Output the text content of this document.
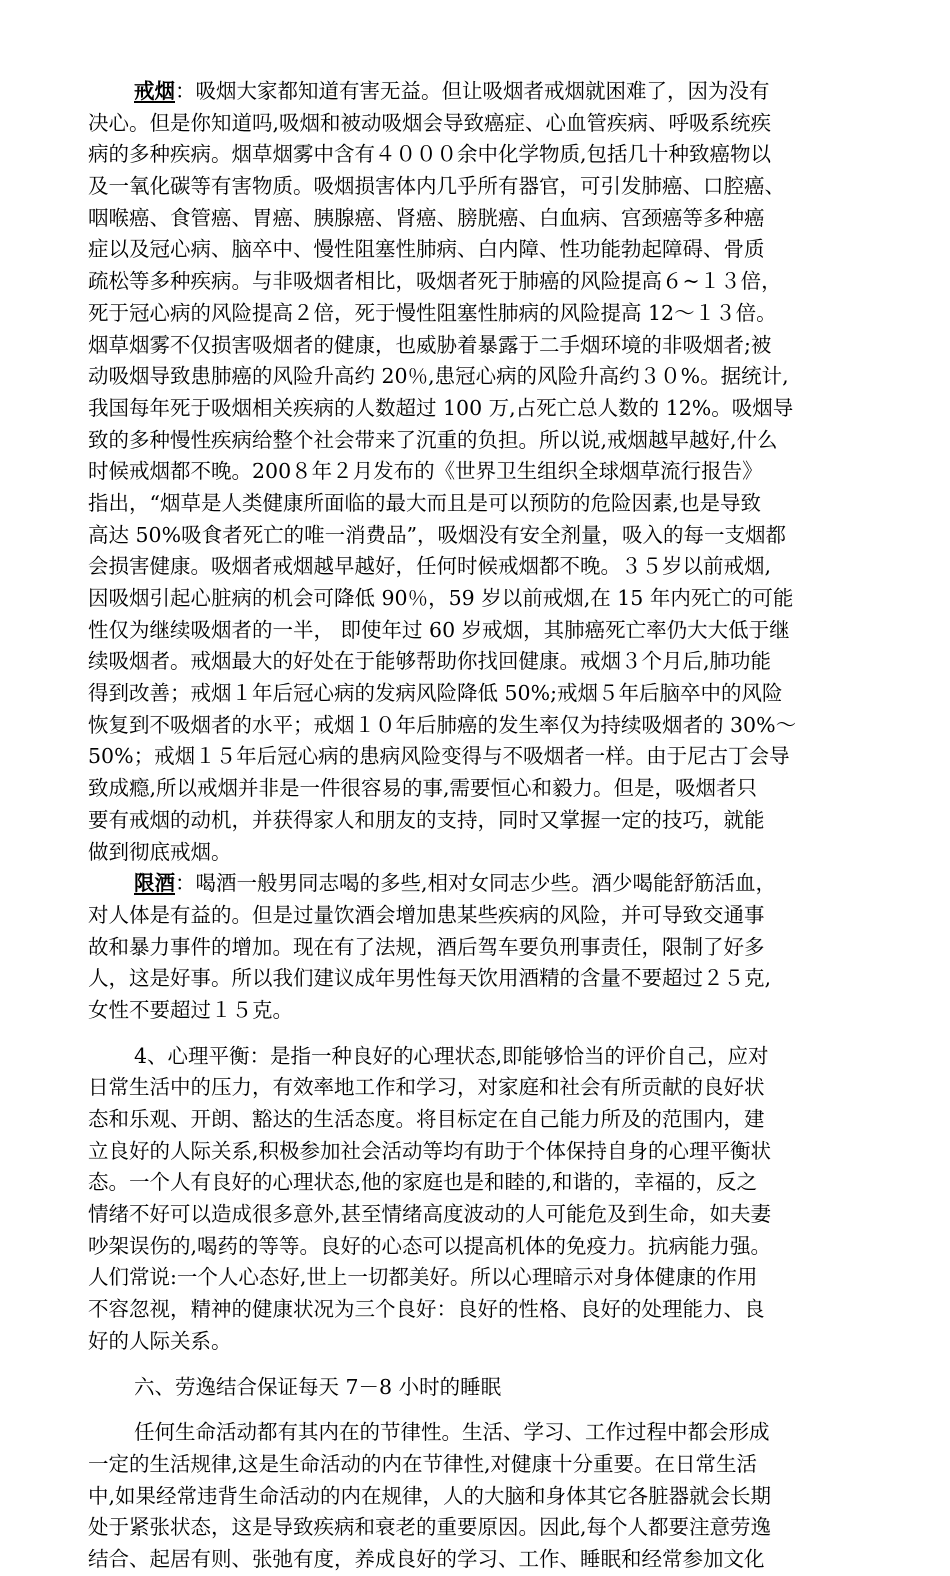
戒烟：吸烟大家都知道有害无益。但让吸烟者戒烟就困难了，因为没有
决心。但是你知道吗,吸烟和被动吸烟会导致癌症、心血管疾病、呼吸系统疾
病的多种疾病。烟草烟雾中含有４０００余中化学物质,包括几十种致癌物以
及一氧化碳等有害物质。吸烟损害体内几乎所有器官，可引发肺癌、口腔癌、
咽喉癌、食管癌、胃癌、胰腺癌、肾癌、膀胱癌、白血病、宫颈癌等多种癌
症以及冠心病、脑卒中、慢性阻塞性肺病、白内障、性功能勃起障碍、骨质
疏松等多种疾病。与非吸烟者相比，吸烟者死于肺癌的风险提高６~１３倍，
死于冠心病的风险提高２倍，死于慢性阻塞性肺病的风险提高 12～１３倍。
烟草烟雾不仅损害吸烟者的健康，也威胁着暴露于二手烟环境的非吸烟者;被
动吸烟导致患肺癌的风险升高约 20％,患冠心病的风险升高约３０%。据统计,
我国每年死于吸烟相关疾病的人数超过 100 万,占死亡总人数的 12%。吸烟导
致的多种慢性疾病给整个社会带来了沉重的负担。所以说,戒烟越早越好,什么
时候戒烟都不晚。200８年２月发布的《世界卫生组织全球烟草流行报告》
指出，“烟草是人类健康所面临的最大而且是可以预防的危险因素,也是导致
高达 50%吸食者死亡的唯一消费品”，吸烟没有安全剂量，吸入的每一支烟都
会损害健康。吸烟者戒烟越早越好，任何时候戒烟都不晚。３５岁以前戒烟,
因吸烟引起心脏病的机会可降低 90％，59 岁以前戒烟,在 15 年内死亡的可能
性仅为继续吸烟者的一半， 即使年过 60 岁戒烟，其肺癌死亡率仍大大低于继
续吸烟者。戒烟最大的好处在于能够帮助你找回健康。戒烟３个月后,肺功能
得到改善；戒烟１年后冠心病的发病风险降低 50%;戒烟５年后脑卒中的风险
恢复到不吸烟者的水平；戒烟１０年后肺癌的发生率仅为持续吸烟者的 30%～
50%；戒烟１５年后冠心病的患病风险变得与不吸烟者一样。由于尼古丁会导
致成瘾,所以戒烟并非是一件很容易的事,需要恒心和毅力。但是，吸烟者只
要有戒烟的动机，并获得家人和朋友的支持，同时又掌握一定的技巧，就能
做到彻底戒烟。
限酒：喝酒一般男同志喝的多些,相对女同志少些。酒少喝能舒筋活血，
对人体是有益的。但是过量饮酒会增加患某些疾病的风险，并可导致交通事
故和暴力事件的增加。现在有了法规，酒后驾车要负刑事责任，限制了好多
人，这是好事。所以我们建议成年男性每天饮用酒精的含量不要超过２５克,
女性不要超过１５克。
4、心理平衡：是指一种良好的心理状态,即能够恰当的评价自己，应对
日常生活中的压力，有效率地工作和学习，对家庭和社会有所贡献的良好状
态和乐观、开朗、豁达的生活态度。将目标定在自己能力所及的范围内，建
立良好的人际关系,积极参加社会活动等均有助于个体保持自身的心理平衡状
态。一个人有良好的心理状态,他的家庭也是和睦的,和谐的，幸福的，反之
情绪不好可以造成很多意外,甚至情绪高度波动的人可能危及到生命，如夫妻
吵架误伤的,喝药的等等。良好的心态可以提高机体的免疫力。抗病能力强。
人们常说:一个人心态好,世上一切都美好。所以心理暗示对身体健康的作用
不容忽视，精神的健康状况为三个良好：良好的性格、良好的处理能力、良
好的人际关系。
六、劳逸结合保证每天 7－8 小时的睡眠
任何生命活动都有其内在的节律性。生活、学习、工作过程中都会形成
一定的生活规律,这是生命活动的内在节律性,对健康十分重要。在日常生活
中,如果经常违背生命活动的内在规律，人的大脑和身体其它各脏器就会长期
处于紧张状态，这是导致疾病和衰老的重要原因。因此,每个人都要注意劳逸
结合、起居有则、张弛有度，养成良好的学习、工作、睡眠和经常参加文化
